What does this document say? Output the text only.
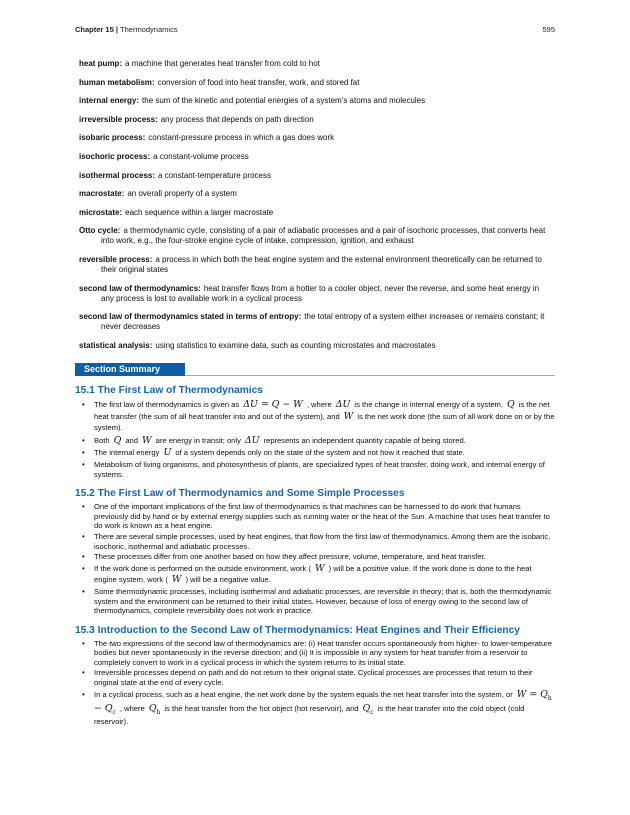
Chapter 15 | Thermodynamics	595
heat pump: a machine that generates heat transfer from cold to hot
human metabolism: conversion of food into heat transfer, work, and stored fat
internal energy: the sum of the kinetic and potential energies of a system’s atoms and molecules
irreversible process: any process that depends on path direction
isobaric process: constant-pressure process in which a gas does work
isochoric process: a constant-volume process
isothermal process: a constant-temperature process
macrostate: an overall property of a system
microstate: each sequence within a larger macrostate
Otto cycle: a thermodynamic cycle, consisting of a pair of adiabatic processes and a pair of isochoric processes, that converts heat into work, e.g., the four-stroke engine cycle of intake, compression, ignition, and exhaust
reversible process: a process in which both the heat engine system and the external environment theoretically can be returned to their original states
second law of thermodynamics: heat transfer flows from a hotter to a cooler object, never the reverse, and some heat energy in any process is lost to available work in a cyclical process
second law of thermodynamics stated in terms of entropy: the total entropy of a system either increases or remains constant; it never decreases
statistical analysis: using statistics to examine data, such as counting microstates and macrostates
Section Summary
15.1 The First Law of Thermodynamics
• The first law of thermodynamics is given as ΔU = Q − W , where ΔU is the change in internal energy of a system, Q is the net heat transfer (the sum of all heat transfer into and out of the system), and W is the net work done (the sum of all work done on or by the system).
• Both Q and W are energy in transit; only ΔU represents an independent quantity capable of being stored.
• The internal energy U of a system depends only on the state of the system and not how it reached that state.
• Metabolism of living organisms, and photosynthesis of plants, are specialized types of heat transfer, doing work, and internal energy of systems.
15.2 The First Law of Thermodynamics and Some Simple Processes
• One of the important implications of the first law of thermodynamics is that machines can be harnessed to do work that humans previously did by hand or by external energy supplies such as running water or the heat of the Sun. A machine that uses heat transfer to do work is known as a heat engine.
• There are several simple processes, used by heat engines, that flow from the first law of thermodynamics. Among them are the isobaric, isochoric, isothermal and adiabatic processes.
• These processes differ from one another based on how they affect pressure, volume, temperature, and heat transfer.
• If the work done is performed on the outside environment, work ( W ) will be a positive value. If the work done is done to the heat engine system, work ( W ) will be a negative value.
• Some thermodynamic processes, including isothermal and adiabatic processes, are reversible in theory; that is, both the thermodynamic system and the environment can be returned to their initial states. However, because of loss of energy owing to the second law of thermodynamics, complete reversibility does not work in practice.
15.3 Introduction to the Second Law of Thermodynamics: Heat Engines and Their Efficiency
• The two expressions of the second law of thermodynamics are: (i) Heat transfer occurs spontaneously from higher- to lower-temperature bodies but never spontaneously in the reverse direction; and (ii) It is impossible in any system for heat transfer from a reservoir to completely convert to work in a cyclical process in which the system returns to its initial state.
• Irreversible processes depend on path and do not return to their original state. Cyclical processes are processes that return to their original state at the end of every cycle.
• In a cyclical process, such as a heat engine, the net work done by the system equals the net heat transfer into the system, or $W = Q_h - Q_c$ , where $Q_h$ is the heat transfer from the hot object (hot reservoir), and $Q_c$ is the heat transfer into the cold object (cold reservoir).
